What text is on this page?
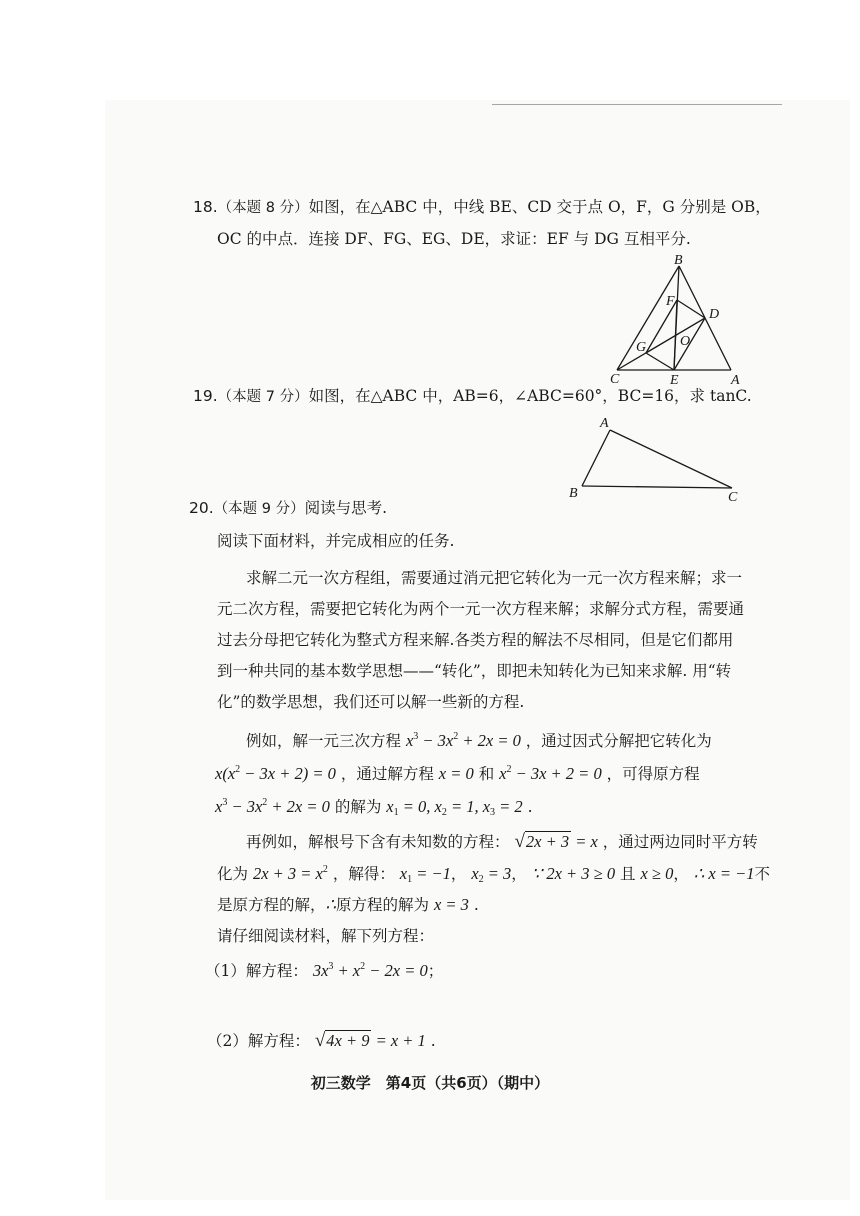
18.（本题 8 分）如图，在△ABC 中，中线 BE、CD 交于点 O，F，G 分别是 OB，
OC 的中点．连接 DF、FG、EG、DE，求证：EF 与 DG 互相平分.
B
F
D
G O
C	E	A
19.（本题 7 分）如图，在△ABC 中，AB=6，∠ABC=60°，BC=16，求 tanC.
A
B	C
20.（本题 9 分）阅读与思考.
阅读下面材料，并完成相应的任务.
求解二元一次方程组，需要通过消元把它转化为一元一次方程来解；求一
元二次方程，需要把它转化为两个一元一次方程来解；求解分式方程，需要通
过去分母把它转化为整式方程来解.各类方程的解法不尽相同，但是它们都用
到一种共同的基本数学思想——“转化”，即把未知转化为已知来求解. 用“转
化”的数学思想，我们还可以解一些新的方程.
例如，解一元三次方程 $x^3 - 3x^2 + 2x = 0$ ，通过因式分解把它转化为
$x(x^2 - 3x + 2) = 0$ ，通过解方程 x = 0 和 $x^2 - 3x + 2 = 0$ ，可得原方程
$x^3 - 3x^2 + 2x = 0$ 的解为 $x_1 = 0$, $x_2 = 1$, $x_3 = 2$ .
再例如，解根号下含有未知数的方程： √2x + 3 = x ，通过两边同时平方转
化为 $2x + 3 = x^2$ ，解得： $x_1 = -1$， $x_2 = 3$， ∵ 2x + 3 ≥ 0 且 x ≥ 0， ∴ x = −1不
是原方程的解，∴原方程的解为 x = 3 .
请仔细阅读材料，解下列方程：
（1）解方程： $3x^3 + x^2 - 2x = 0$；
（2）解方程： √4x + 9 = x + 1 .
初三数学　第4页（共6页）（期中）
